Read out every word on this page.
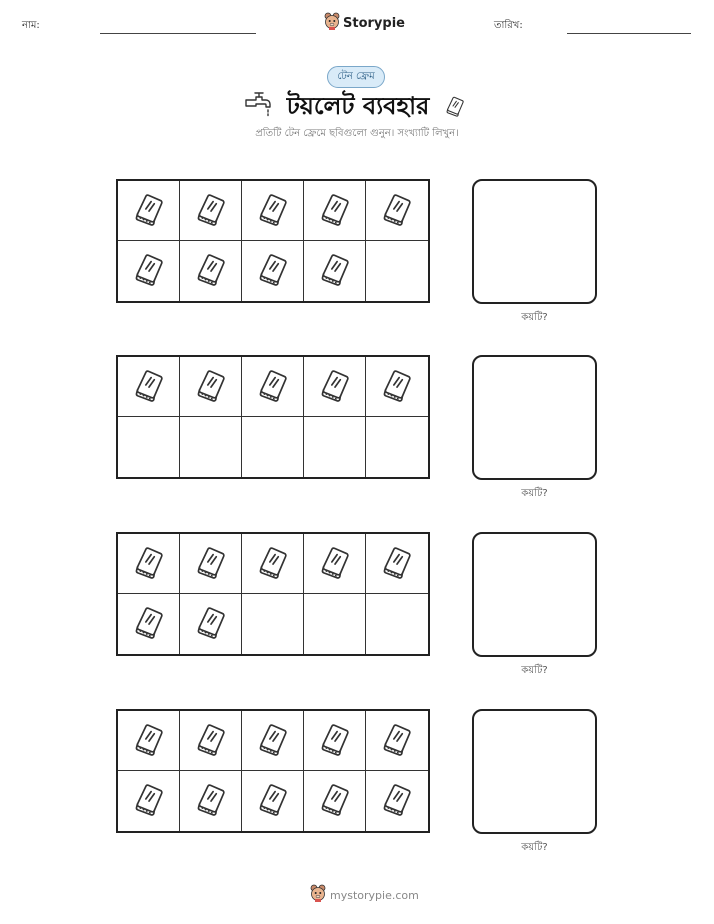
নাম:	Storypie	তারিখ:
টেন ফ্রেম
টয়লেট ব্যবহার
প্রতিটি টেন ফ্রেমে ছবিগুলো গুনুন। সংখ্যাটি লিখুন।
কয়টি?
কয়টি?
কয়টি?
কয়টি?
mystorypie.com
